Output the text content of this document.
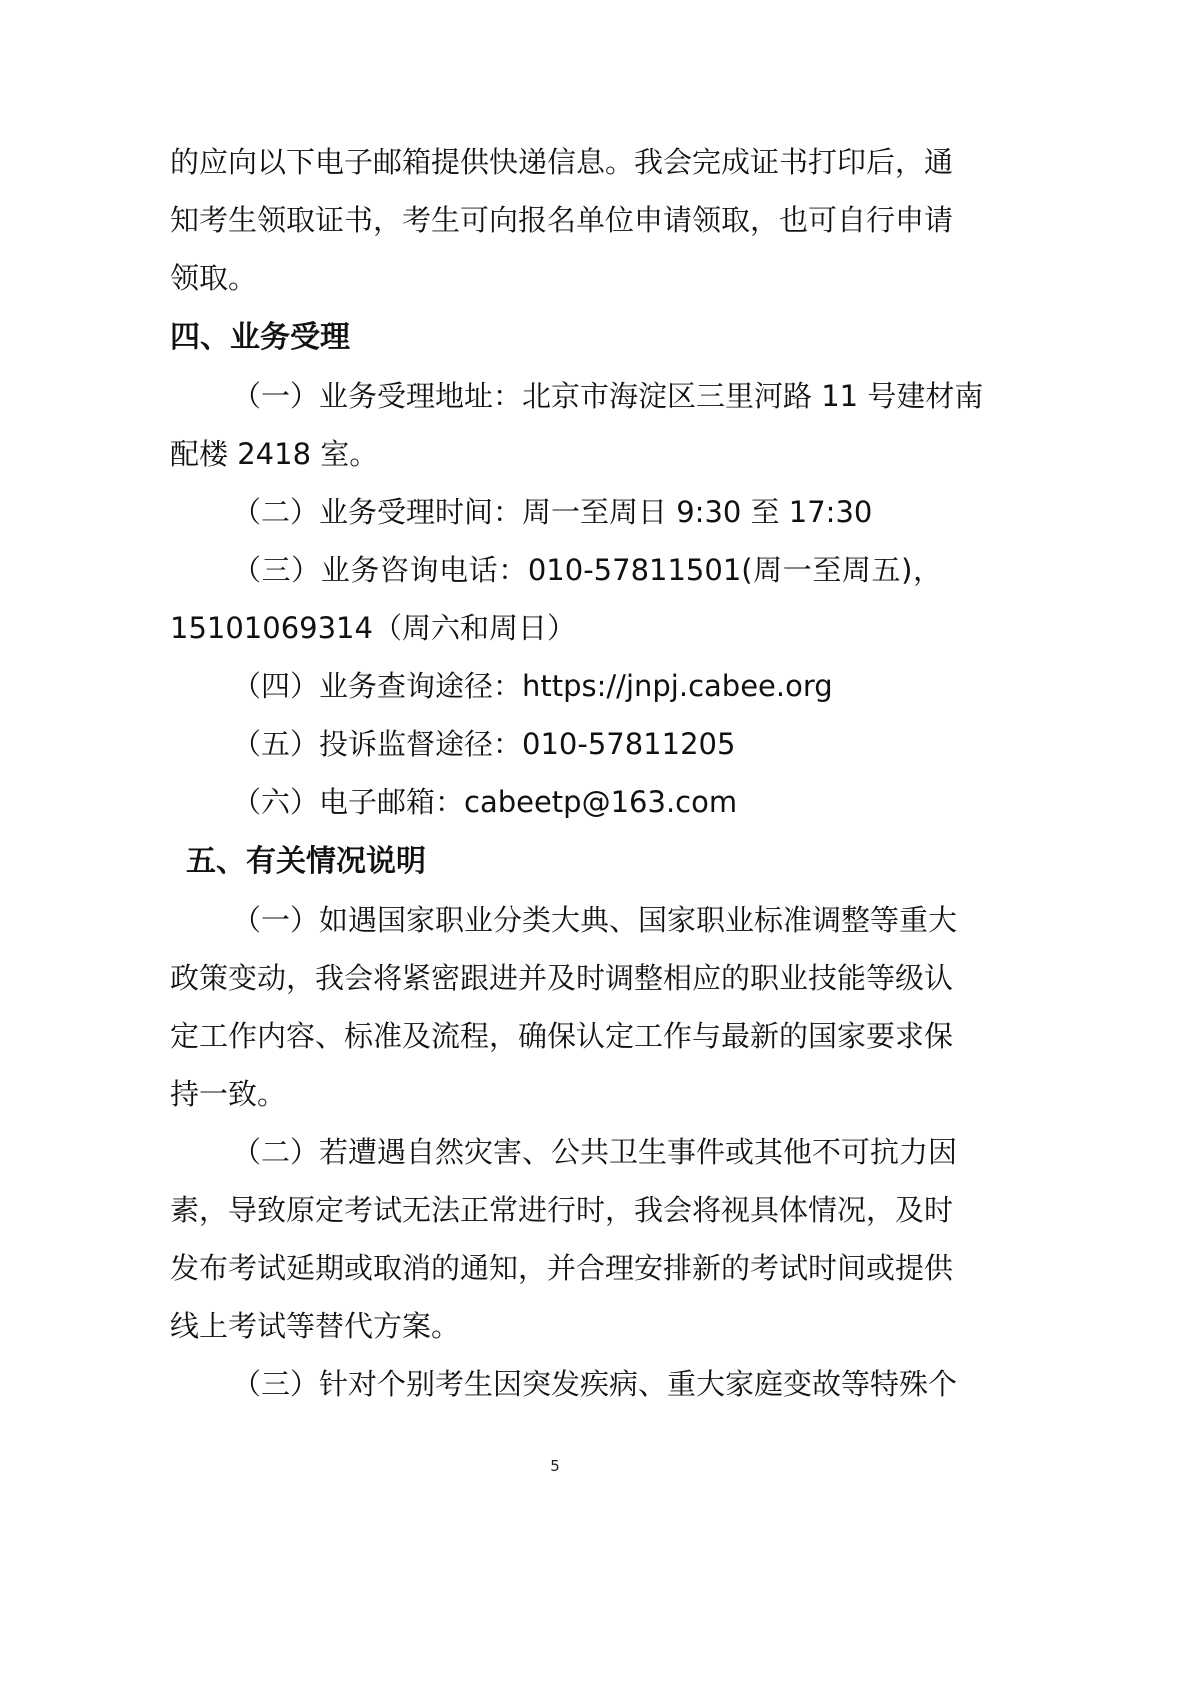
的应向以下电子邮箱提供快递信息。我会完成证书打印后，通
知考生领取证书，考生可向报名单位申请领取，也可自行申请
领取。
四、业务受理
（一）业务受理地址：北京市海淀区三里河路 11 号建材南
配楼 2418 室。
（二）业务受理时间：周一至周日 9:30 至 17:30
（三）业务咨询电话：010-57811501(周一至周五)，
15101069314（周六和周日）
（四）业务查询途径：https://jnpj.cabee.org
（五）投诉监督途径：010-57811205
（六）电子邮箱：cabeetp@163.com
五、有关情况说明
（一）如遇国家职业分类大典、国家职业标准调整等重大
政策变动，我会将紧密跟进并及时调整相应的职业技能等级认
定工作内容、标准及流程，确保认定工作与最新的国家要求保
持一致。
（二）若遭遇自然灾害、公共卫生事件或其他不可抗力因
素，导致原定考试无法正常进行时，我会将视具体情况，及时
发布考试延期或取消的通知，并合理安排新的考试时间或提供
线上考试等替代方案。
（三）针对个别考生因突发疾病、重大家庭变故等特殊个
5
